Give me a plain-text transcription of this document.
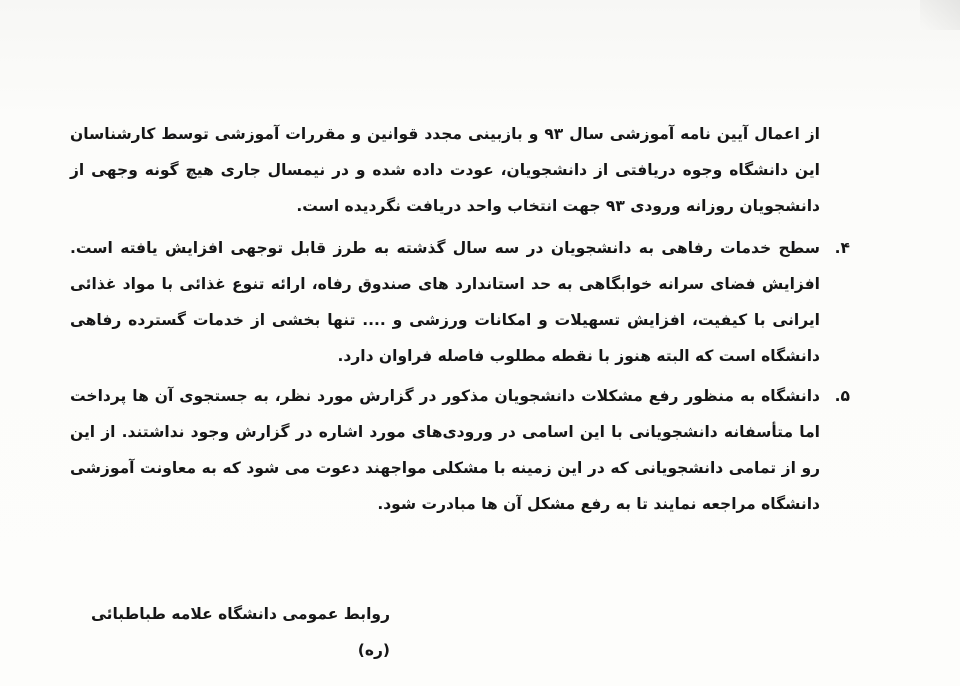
از اعمال آیین نامه آموزشی سال ۹۳ و بازبینی مجدد قوانین و مقررات آموزشی توسط کارشناسان این دانشگاه وجوه دریافتی از دانشجویان، عودت داده شده و در نیمسال جاری هیچ گونه وجهی از دانشجویان روزانه ورودی ۹۳ جهت انتخاب واحد دریافت نگردیده است.

۴.

سطح خدمات رفاهی به دانشجویان در سه سال گذشته به طرز قابل توجهی افزایش یافته است. افزایش فضای سرانه خوابگاهی به حد استاندارد های صندوق رفاه، ارائه تنوع غذائی با مواد غذائی ایرانی با کیفیت، افزایش تسهیلات و امکانات ورزشی و .... تنها بخشی از خدمات گسترده رفاهی دانشگاه است که البته هنوز با نقطه مطلوب فاصله فراوان دارد.

۵.

دانشگاه به منظور رفع مشکلات دانشجویان مذکور در گزارش مورد نظر، به جستجوی آن ها پرداخت اما متأسفانه دانشجویانی با این اسامی در ورودی‌های مورد اشاره در گزارش وجود نداشتند. از این رو از تمامی دانشجویانی که در این زمینه با مشکلی مواجهند دعوت می شود که به معاونت آموزشی دانشگاه مراجعه نمایند تا به رفع مشکل آن ها مبادرت شود.

روابط عمومی دانشگاه علامه طباطبائی (ره)
